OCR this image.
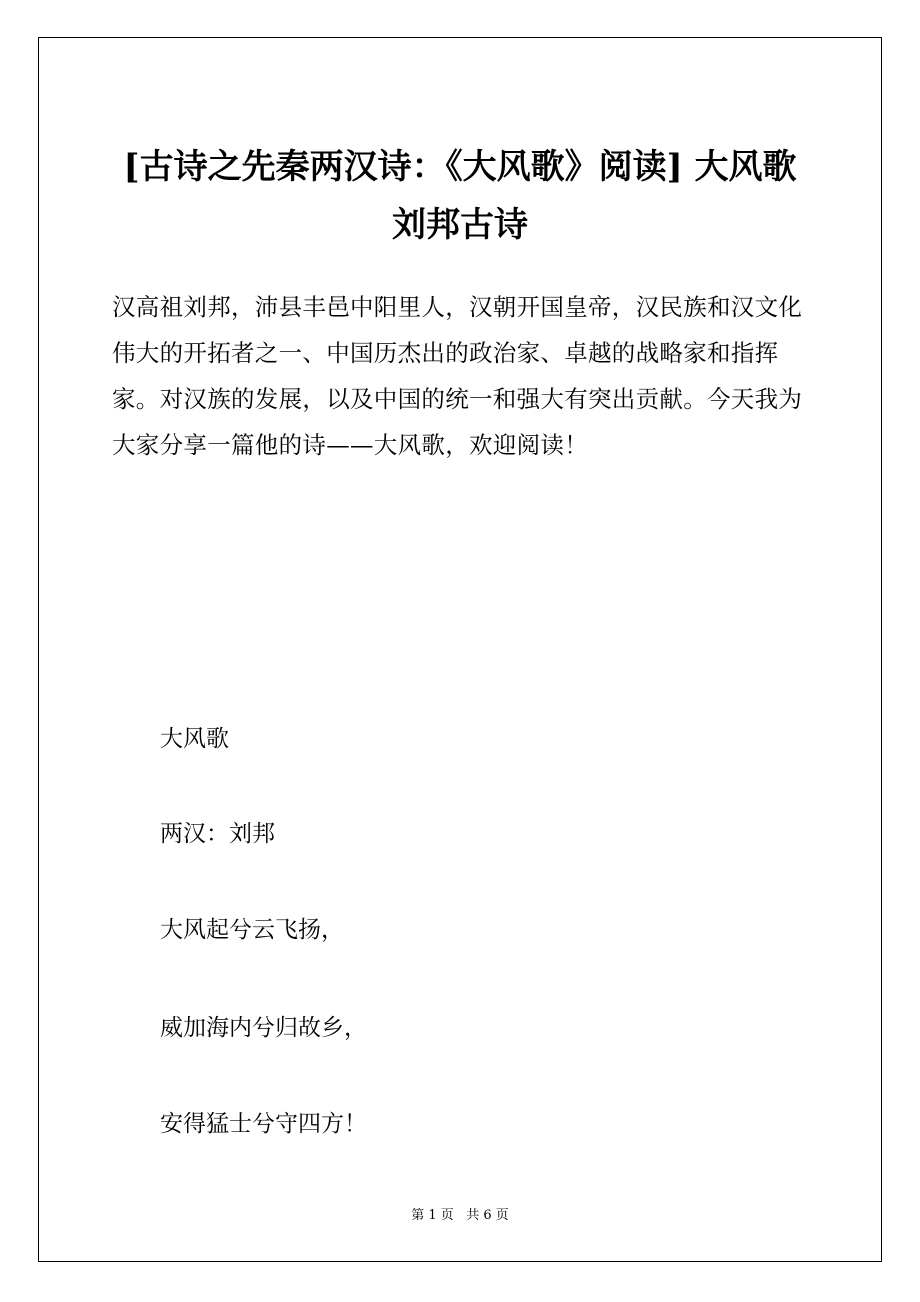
[古诗之先秦两汉诗：《大风歌》阅读] 大风歌
刘邦古诗

汉高祖刘邦，沛县丰邑中阳里人，汉朝开国皇帝，汉民族和汉文化伟大的开拓者之一、中国历杰出的政治家、卓越的战略家和指挥家。对汉族的发展，以及中国的统一和强大有突出贡献。今天我为大家分享一篇他的诗——大风歌，欢迎阅读！

大风歌

两汉：刘邦

大风起兮云飞扬，

威加海内兮归故乡，

安得猛士兮守四方！

第 1 页   共 6 页
